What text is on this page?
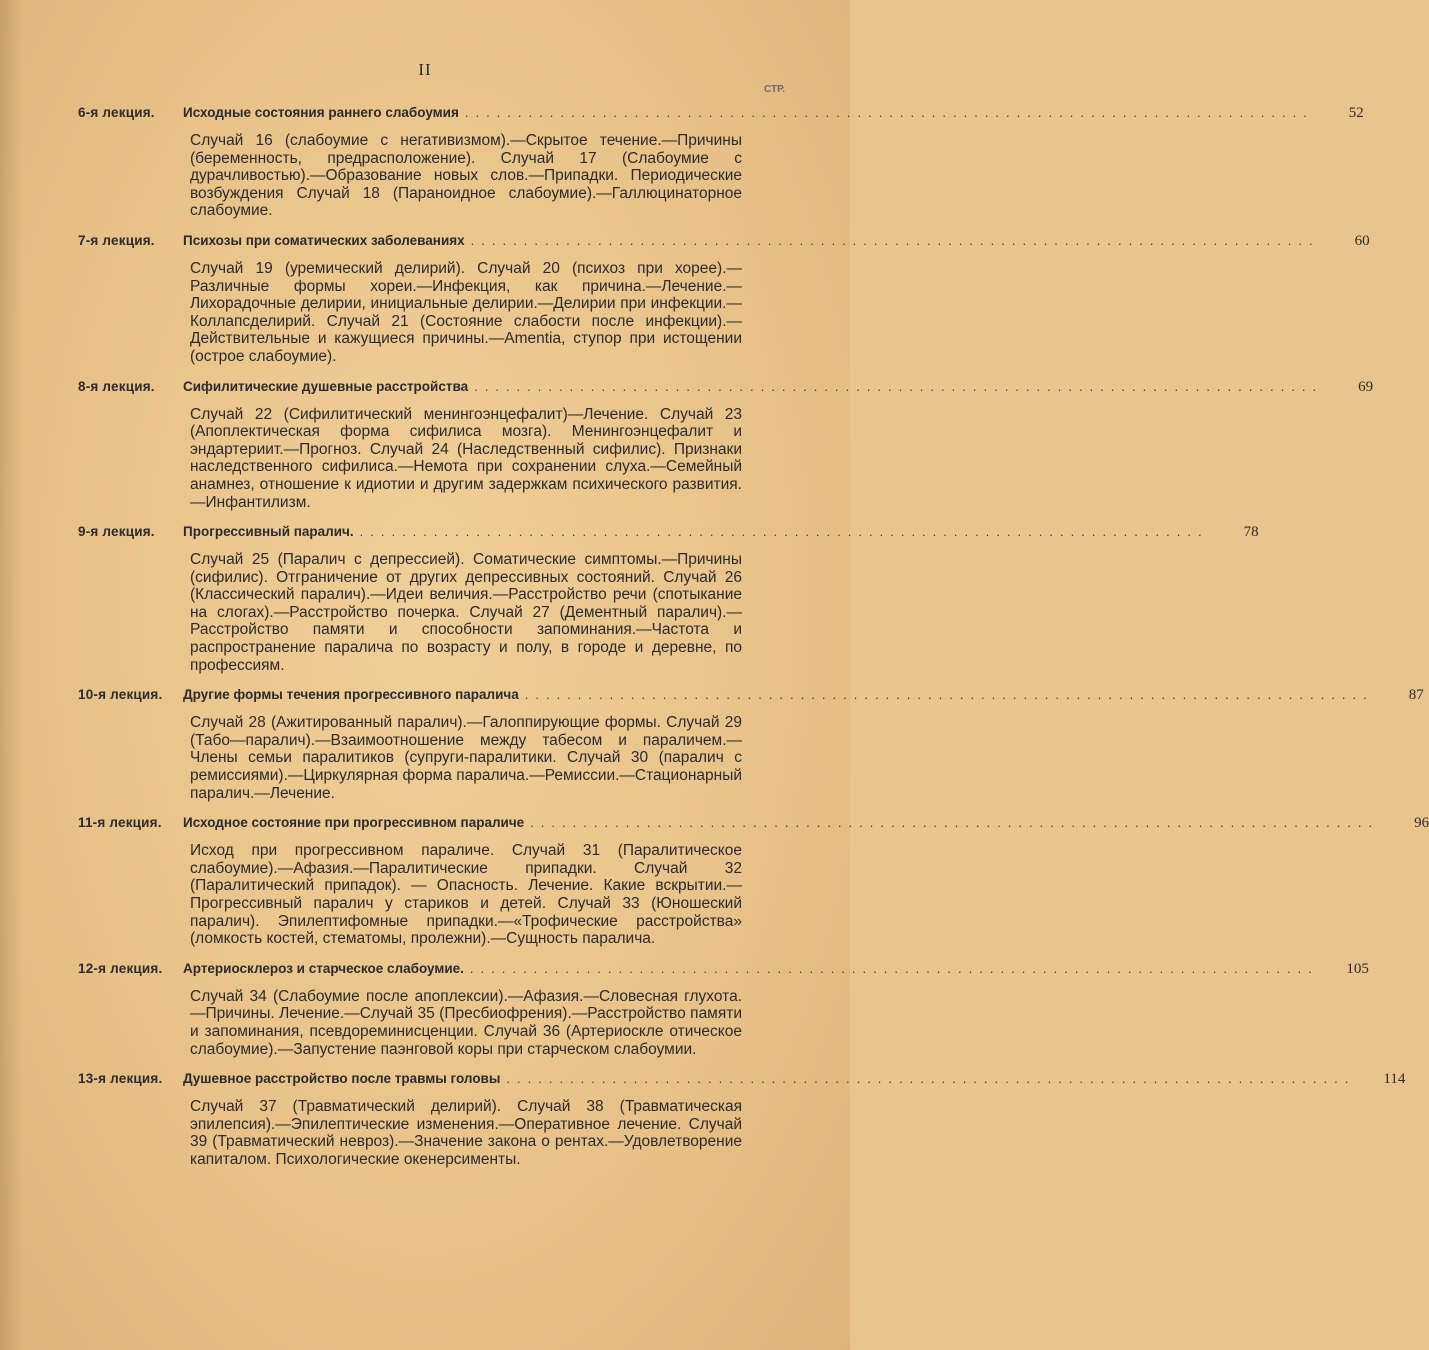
II
СТР.
6-я лекция.	Исходные состояния раннего слабоумия ................................................................................	52
Случай 16 (слабоумие с негативизмом).—Скрытое течение.—Причины (беременность, предрасположение). Случай 17 (Слабоумие с дурачливостью).—Образование новых слов.—Припадки. Периодические возбуждения Случай 18 (Параноидное слабоумие).—Галлюцинаторное слабоумие.
7-я лекция.	Психозы при соматических заболеваниях ................................................................................	60
Случай 19 (уремический делирий). Случай 20 (психоз при хорее).—Различные формы хореи.—Инфекция, как причина.—Лечение.—Лихорадочные делирии, инициальные делирии.—Делирии при инфекции.—Коллапсделирий. Случай 21 (Состояние слабости после инфекции).—Действительные и кажущиеся причины.—Amentia, ступор при истощении (острое слабоумие).
8-я лекция.	Сифилитические душевные расстройства ................................................................................	69
Случай 22 (Сифилитический менингоэнцефалит)—Лечение. Случай 23 (Апоплектическая форма сифилиса мозга). Менингоэнцефалит и эндартериит.—Прогноз. Случай 24 (Наследственный сифилис). Признаки наследственного сифилиса.—Немота при сохранении слуха.—Семейный анамнез, отношение к идиотии и другим задержкам психического развития.—Инфантилизм.
9-я лекция.	Прогрессивный паралич. ................................................................................	78
Случай 25 (Паралич с депрессией). Соматические симптомы.—Причины (сифилис). Отграничение от других депрессивных состояний. Случай 26 (Классический паралич).—Идеи величия.—Расстройство речи (спотыкание на слогах).—Расстройство почерка. Случай 27 (Дементный паралич).—Расстройство памяти и способности запоминания.—Частота и распространение паралича по возрасту и полу, в городе и деревне, по профессиям.
10-я лекция.	Другие формы течения прогрессивного паралича ................................................................................	87
Случай 28 (Ажитированный паралич).—Галоппирующие формы. Случай 29 (Табо—паралич).—Взаимоотношение между табесом и параличем.—Члены семьи паралитиков (супруги-паралитики. Случай 30 (паралич с ремиссиями).—Циркулярная форма паралича.—Ремиссии.—Стационарный паралич.—Лечение.
11-я лекция.	Исходное состояние при прогрессивном параличе ................................................................................	96
Исход при прогрессивном параличе. Случай 31 (Паралитическое слабоумие).—Афазия.—Паралитические припадки. Случай 32 (Паралитический припадок). — Опасность. Лечение. Какие вскрытии.—Прогрессивный паралич у стариков и детей. Случай 33 (Юношеский паралич). Эпилептифомные припадки.—«Трофические расстройства» (ломкость костей, стематомы, пролежни).—Сущность паралича.
12-я лекция.	Артериосклероз и старческое слабоумие. ................................................................................	105
Случай 34 (Слабоумие после апоплексии).—Афазия.—Словесная глухота.—Причины. Лечение.—Случай 35 (Пресбиофрения).—Расстройство памяти и запоминания, псевдореминисценции. Случай 36 (Артериоскле отическое слабоумие).—Запустение паэнговой коры при старческом слабоумии.
13-я лекция.	Душевное расстройство после травмы головы ................................................................................	114
Случай 37 (Травматический делирий). Случай 38 (Травматическая эпилепсия).—Эпилептические изменения.—Оперативное лечение. Случай 39 (Травматический невроз).—Значение закона о рентах.—Удовлетворение капиталом. Психологические окенерсименты.
